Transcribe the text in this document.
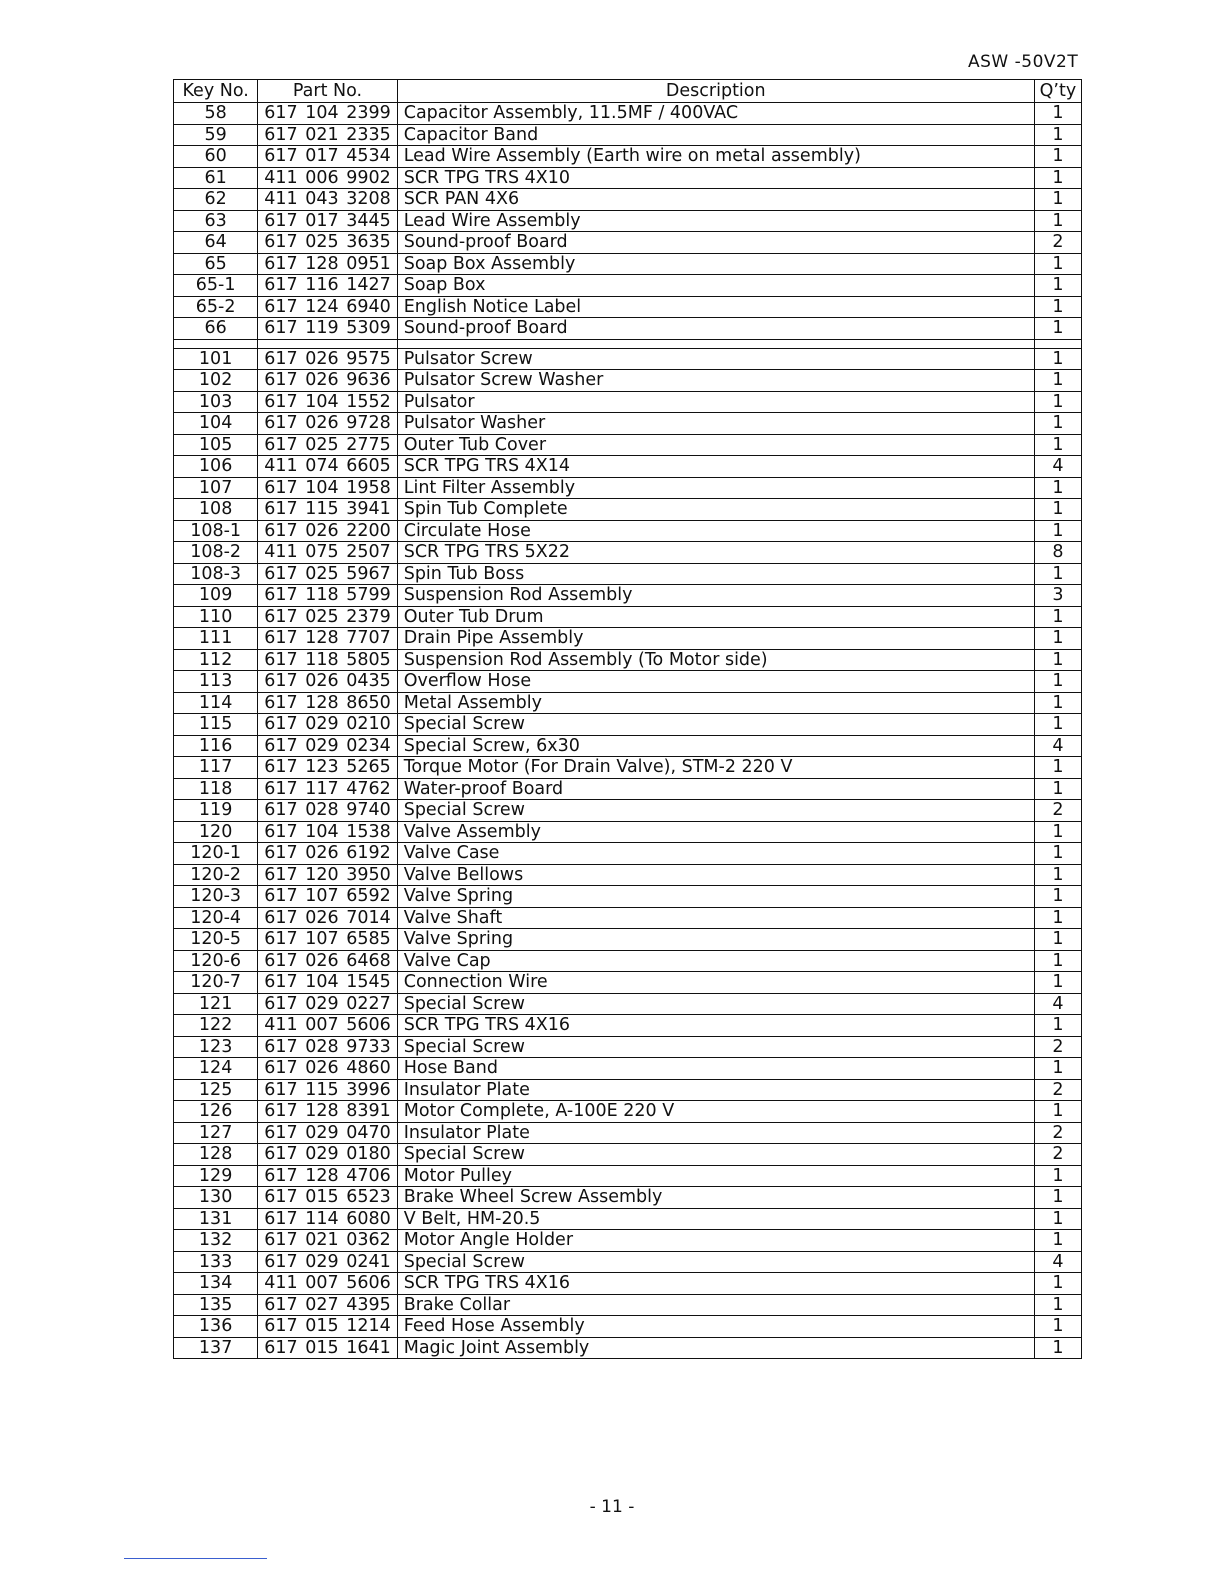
ASW -50V2T
Key No.	Part No.	Description	Q’ty
58	617 104 2399	Capacitor Assembly, 11.5MF / 400VAC	1
59	617 021 2335	Capacitor Band	1
60	617 017 4534	Lead Wire Assembly (Earth wire on metal assembly)	1
61	411 006 9902	SCR TPG TRS 4X10	1
62	411 043 3208	SCR PAN 4X6	1
63	617 017 3445	Lead Wire Assembly	1
64	617 025 3635	Sound-proof Board	2
65	617 128 0951	Soap Box Assembly	1
65-1	617 116 1427	Soap Box	1
65-2	617 124 6940	English Notice Label	1
66	617 119 5309	Sound-proof Board	1

101	617 026 9575	Pulsator Screw	1
102	617 026 9636	Pulsator Screw Washer	1
103	617 104 1552	Pulsator	1
104	617 026 9728	Pulsator Washer	1
105	617 025 2775	Outer Tub Cover	1
106	411 074 6605	SCR TPG TRS 4X14	4
107	617 104 1958	Lint Filter Assembly	1
108	617 115 3941	Spin Tub Complete	1
108-1	617 026 2200	Circulate Hose	1
108-2	411 075 2507	SCR TPG TRS 5X22	8
108-3	617 025 5967	Spin Tub Boss	1
109	617 118 5799	Suspension Rod Assembly	3
110	617 025 2379	Outer Tub Drum	1
111	617 128 7707	Drain Pipe Assembly	1
112	617 118 5805	Suspension Rod Assembly (To Motor side)	1
113	617 026 0435	Overflow Hose	1
114	617 128 8650	Metal Assembly	1
115	617 029 0210	Special Screw	1
116	617 029 0234	Special Screw, 6x30	4
117	617 123 5265	Torque Motor (For Drain Valve), STM-2 220 V	1
118	617 117 4762	Water-proof Board	1
119	617 028 9740	Special Screw	2
120	617 104 1538	Valve Assembly	1
120-1	617 026 6192	Valve Case	1
120-2	617 120 3950	Valve Bellows	1
120-3	617 107 6592	Valve Spring	1
120-4	617 026 7014	Valve Shaft	1
120-5	617 107 6585	Valve Spring	1
120-6	617 026 6468	Valve Cap	1
120-7	617 104 1545	Connection Wire	1
121	617 029 0227	Special Screw	4
122	411 007 5606	SCR TPG TRS 4X16	1
123	617 028 9733	Special Screw	2
124	617 026 4860	Hose Band	1
125	617 115 3996	Insulator Plate	2
126	617 128 8391	Motor Complete, A-100E 220 V	1
127	617 029 0470	Insulator Plate	2
128	617 029 0180	Special Screw	2
129	617 128 4706	Motor Pulley	1
130	617 015 6523	Brake Wheel Screw Assembly	1
131	617 114 6080	V Belt, HM-20.5	1
132	617 021 0362	Motor Angle Holder	1
133	617 029 0241	Special Screw	4
134	411 007 5606	SCR TPG TRS 4X16	1
135	617 027 4395	Brake Collar	1
136	617 015 1214	Feed Hose Assembly	1
137	617 015 1641	Magic Joint Assembly	1
- 11 -
